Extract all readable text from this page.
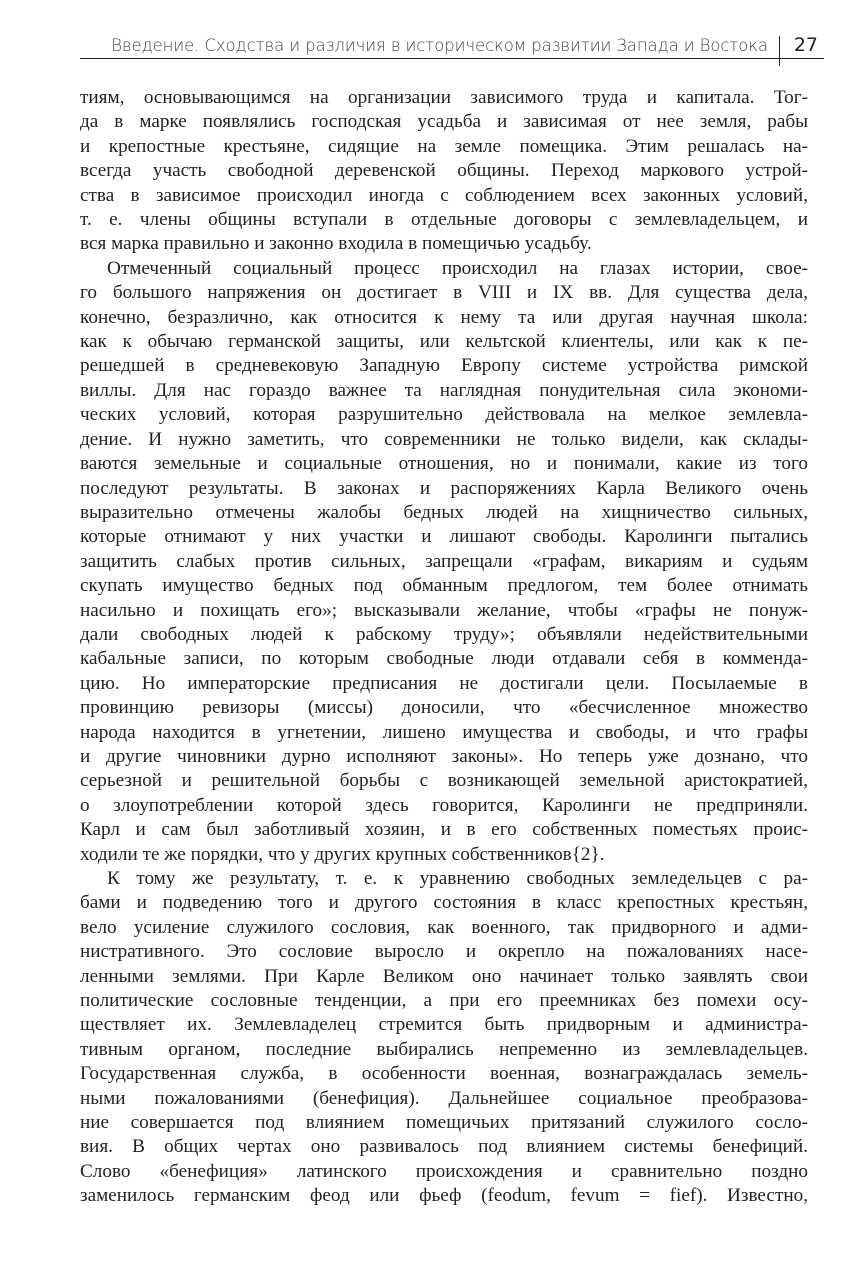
Введение. Сходства и различия в историческом развитии Запада и Востока 27
тиям, основывающимся на организации зависимого труда и капитала. Тог-
да в марке появлялись господская усадьба и зависимая от нее земля, рабы
и крепостные крестьяне, сидящие на земле помещика. Этим решалась на-
всегда участь свободной деревенской общины. Переход маркового устрой-
ства в зависимое происходил иногда с соблюдением всех законных условий,
т. е. члены общины вступали в отдельные договоры с землевладельцем, и
вся марка правильно и законно входила в помещичью усадьбу.
Отмеченный социальный процесс происходил на глазах истории, свое-
го большого напряжения он достигает в VIII и IX вв. Для существа дела,
конечно, безразлично, как относится к нему та или другая научная школа:
как к обычаю германской защиты, или кельтской клиентелы, или как к пе-
решедшей в средневековую Западную Европу системе устройства римской
виллы. Для нас гораздо важнее та наглядная понудительная сила экономи-
ческих условий, которая разрушительно действовала на мелкое землевла-
дение. И нужно заметить, что современники не только видели, как склады-
ваются земельные и социальные отношения, но и понимали, какие из того
последуют результаты. В законах и распоряжениях Карла Великого очень
выразительно отмечены жалобы бедных людей на хищничество сильных,
которые отнимают у них участки и лишают свободы. Каролинги пытались
защитить слабых против сильных, запрещали «графам, викариям и судьям
скупать имущество бедных под обманным предлогом, тем более отнимать
насильно и похищать его»; высказывали желание, чтобы «графы не понуж-
дали свободных людей к рабскому труду»; объявляли недействительными
кабальные записи, по которым свободные люди отдавали себя в комменда-
цию. Но императорские предписания не достигали цели. Посылаемые в
провинцию ревизоры (миссы) доносили, что «бесчисленное множество
народа находится в угнетении, лишено имущества и свободы, и что графы
и другие чиновники дурно исполняют законы». Но теперь уже дознано, что
серьезной и решительной борьбы с возникающей земельной аристократией,
о злоупотреблении которой здесь говорится, Каролинги не предприняли.
Карл и сам был заботливый хозяин, и в его собственных поместьях проис-
ходили те же порядки, что у других крупных собственников{2}.
К тому же результату, т. е. к уравнению свободных земледельцев с ра-
бами и подведению того и другого состояния в класс крепостных крестьян,
вело усиление служилого сословия, как военного, так придворного и адми-
нистративного. Это сословие выросло и окрепло на пожалованиях насе-
ленными землями. При Карле Великом оно начинает только заявлять свои
политические сословные тенденции, а при его преемниках без помехи осу-
ществляет их. Землевладелец стремится быть придворным и администра-
тивным органом, последние выбирались непременно из землевладельцев.
Государственная служба, в особенности военная, вознаграждалась земель-
ными пожалованиями (бенефиция). Дальнейшее социальное преобразова-
ние совершается под влиянием помещичьих притязаний служилого сосло-
вия. В общих чертах оно развивалось под влиянием системы бенефиций.
Слово «бенефиция» латинского происхождения и сравнительно поздно
заменилось германским феод или фьеф (feodum, fevum = fief). Известно,
